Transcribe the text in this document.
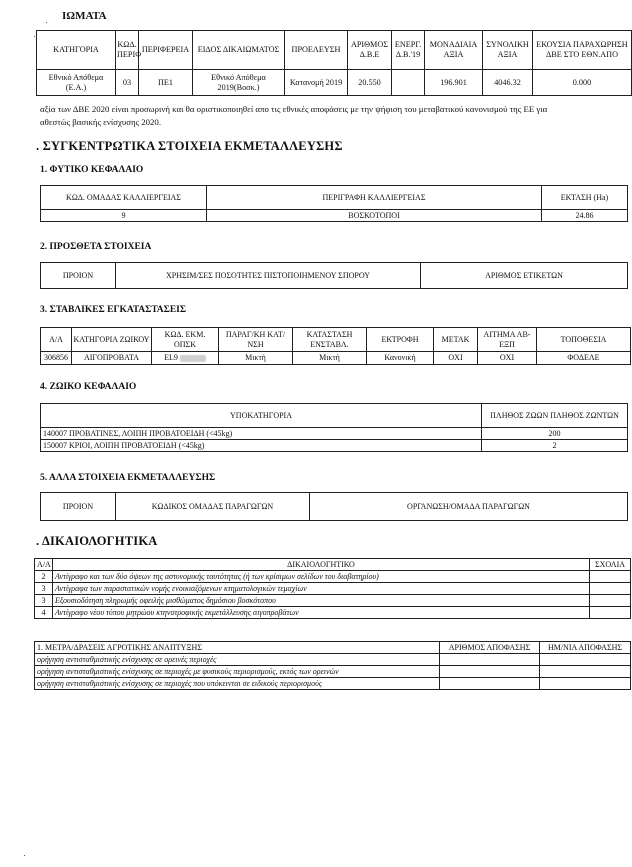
ΙΩΜΑΤΑ
ΚΑΤΗΓΟΡΙΑ	ΚΩΔ. ΠΕΡΙΦ	ΠΕΡΙΦΕΡΕΙΑ	ΕΙΔΟΣ ΔΙΚΑΙΩΜΑΤΟΣ	ΠΡΟΕΛΕΥΣΗ	ΑΡΙΘΜΟΣ Δ.Β.Ε	ΕΝΕΡΓ. Δ.Β.'19	ΜΟΝΑΔΙΑΙΑ ΑΞΙΑ	ΣΥΝΟΛΙΚΗ ΑΞΙΑ	ΕΚΟΥΣΙΑ ΠΑΡΑΧΩΡΗΣΗ ΔΒΕ ΣΤΟ ΕΘΝ.ΑΠΟ
Εθνικό Απόθεμα (Ε.Α.)	03	ΠΕ1	Εθνικό Απόθεμα 2019(Βοσκ.)	Κατανομή 2019	20.550		196.901	4046.32	0.000
αξία των ΔΒΕ 2020 είναι προσωρινή και θα οριστικοποιηθεί απο τις εθνικές αποφάσεις με την ψήφιση του μεταβατικού κανονισμού της ΕΕ για
αθεστώς βασικής ενίσχυσης 2020.
. ΣΥΓΚΕΝΤΡΩΤΙΚΑ ΣΤΟΙΧΕΙΑ ΕΚΜΕΤΑΛΛΕΥΣΗΣ
1. ΦΥΤΙΚΟ ΚΕΦΑΛΑΙΟ
ΚΩΔ. ΟΜΑΔΑΣ ΚΑΛΛΙΕΡΓΕΙΑΣ	ΠΕΡΙΓΡΑΦΗ ΚΑΛΛΙΕΡΓΕΙΑΣ	ΕΚΤΑΣΗ (Ha)
9	ΒΟΣΚΟΤΟΠΟΙ	24.86
2. ΠΡΟΣΘΕΤΑ ΣΤΟΙΧΕΙΑ
ΠΡΟΙΟΝ	ΧΡΗΣΙΜ/ΣΕΣ ΠΟΣΟΤΗΤΕΣ ΠΙΣΤΟΠΟΙΗΜΕΝΟΥ ΣΠΟΡΟΥ	ΑΡΙΘΜΟΣ ΕΤΙΚΕΤΩΝ
3. ΣΤΑΒΛΙΚΕΣ ΕΓΚΑΤΑΣΤΑΣΕΙΣ
Α/Α	ΚΑΤΗΓΟΡΙΑ ΖΩΙΚΟΥ	ΚΩΔ. ΕΚΜ. ΟΠΣΚ	ΠΑΡΑΓ/ΚΗ ΚΑΤ/ΝΣΗ	ΚΑΤΑΣΤΑΣΗ ΕΝΣΤΑΒΛ.	ΕΚΤΡΟΦΗ	ΜΕΤΑΚ	ΑΙΤΗΜΑ ΑΒ-ΕΞΠ	ΤΟΠΟΘΕΣΙΑ
306856	ΑΙΓΟΠΡΟΒΑΤΑ	EL9	Μικτή	Μικτή	Κανονική	ΟΧΙ	ΟΧΙ	ΦΟΔΕΛΕ
4. ΖΩΙΚΟ ΚΕΦΑΛΑΙΟ
ΥΠΟΚΑΤΗΓΟΡΙΑ	ΠΛΗΘΟΣ ΖΩΩΝ ΠΛΗΘΟΣ ΖΩΝΤΩΝ
140007 ΠΡΟΒΑΤΙΝΕΣ, ΛΟΙΠΗ ΠΡΟΒΑΤΟΕΙΔΗ (<45kg)	200
150007 ΚΡΙΟΙ, ΛΟΙΠΗ ΠΡΟΒΑΤΟΕΙΔΗ (<45kg)	2
5. ΑΛΛΑ ΣΤΟΙΧΕΙΑ ΕΚΜΕΤΑΛΛΕΥΣΗΣ
ΠΡΟΙΟΝ	ΚΩΔΙΚΟΣ ΟΜΑΔΑΣ ΠΑΡΑΓΩΓΩΝ	ΟΡΓΑΝΩΣΗ/ΟΜΑΔΑ ΠΑΡΑΓΩΓΩΝ
. ΔΙΚΑΙΟΛΟΓΗΤΙΚΑ
Α/Α	ΔΙΚΑΙΟΛΟΓΗΤΙΚΟ	ΣΧΟΛΙΑ
2	Αντίγραφο και των δύο όψεων της αστυνομικής ταυτότητας (ή των κρίσιμων σελίδων του διαβατηρίου)	
3	Αντίγραφα των παραστατικών νομής ενοικιαζόμενων κτηματολογικών τεμαχίων	
3	Εξουσιοδότηση πληρωμής οφειλής μισθώματος δημόσιου βοσκότοπου	
4	Αντίγραφο νέου τύπου μητρώου κτηνοτροφικής εκμετάλλευσης αιγοπροβάτων	
1. ΜΕΤΡΑ/ΔΡΑΣΕΙΣ ΑΓΡΟΤΙΚΗΣ ΑΝΑΠΤΥΞΗΣ	ΑΡΙΘΜΟΣ ΑΠΟΦΑΣΗΣ	ΗΜ/ΝΙΑ ΑΠΟΦΑΣΗΣ
ορήγηση αντισταθμιστικής ενίσχυσης σε ορεινές περιοχές		
ορήγηση αντισταθμιστικής ενίσχυσης σε περιοχές με φυσικούς περιορισμούς, εκτός των ορεινών		
ορήγηση αντισταθμιστικής ενίσχυσης σε περιοχές που υπόκεινται σε ειδικούς περιορισμούς		
